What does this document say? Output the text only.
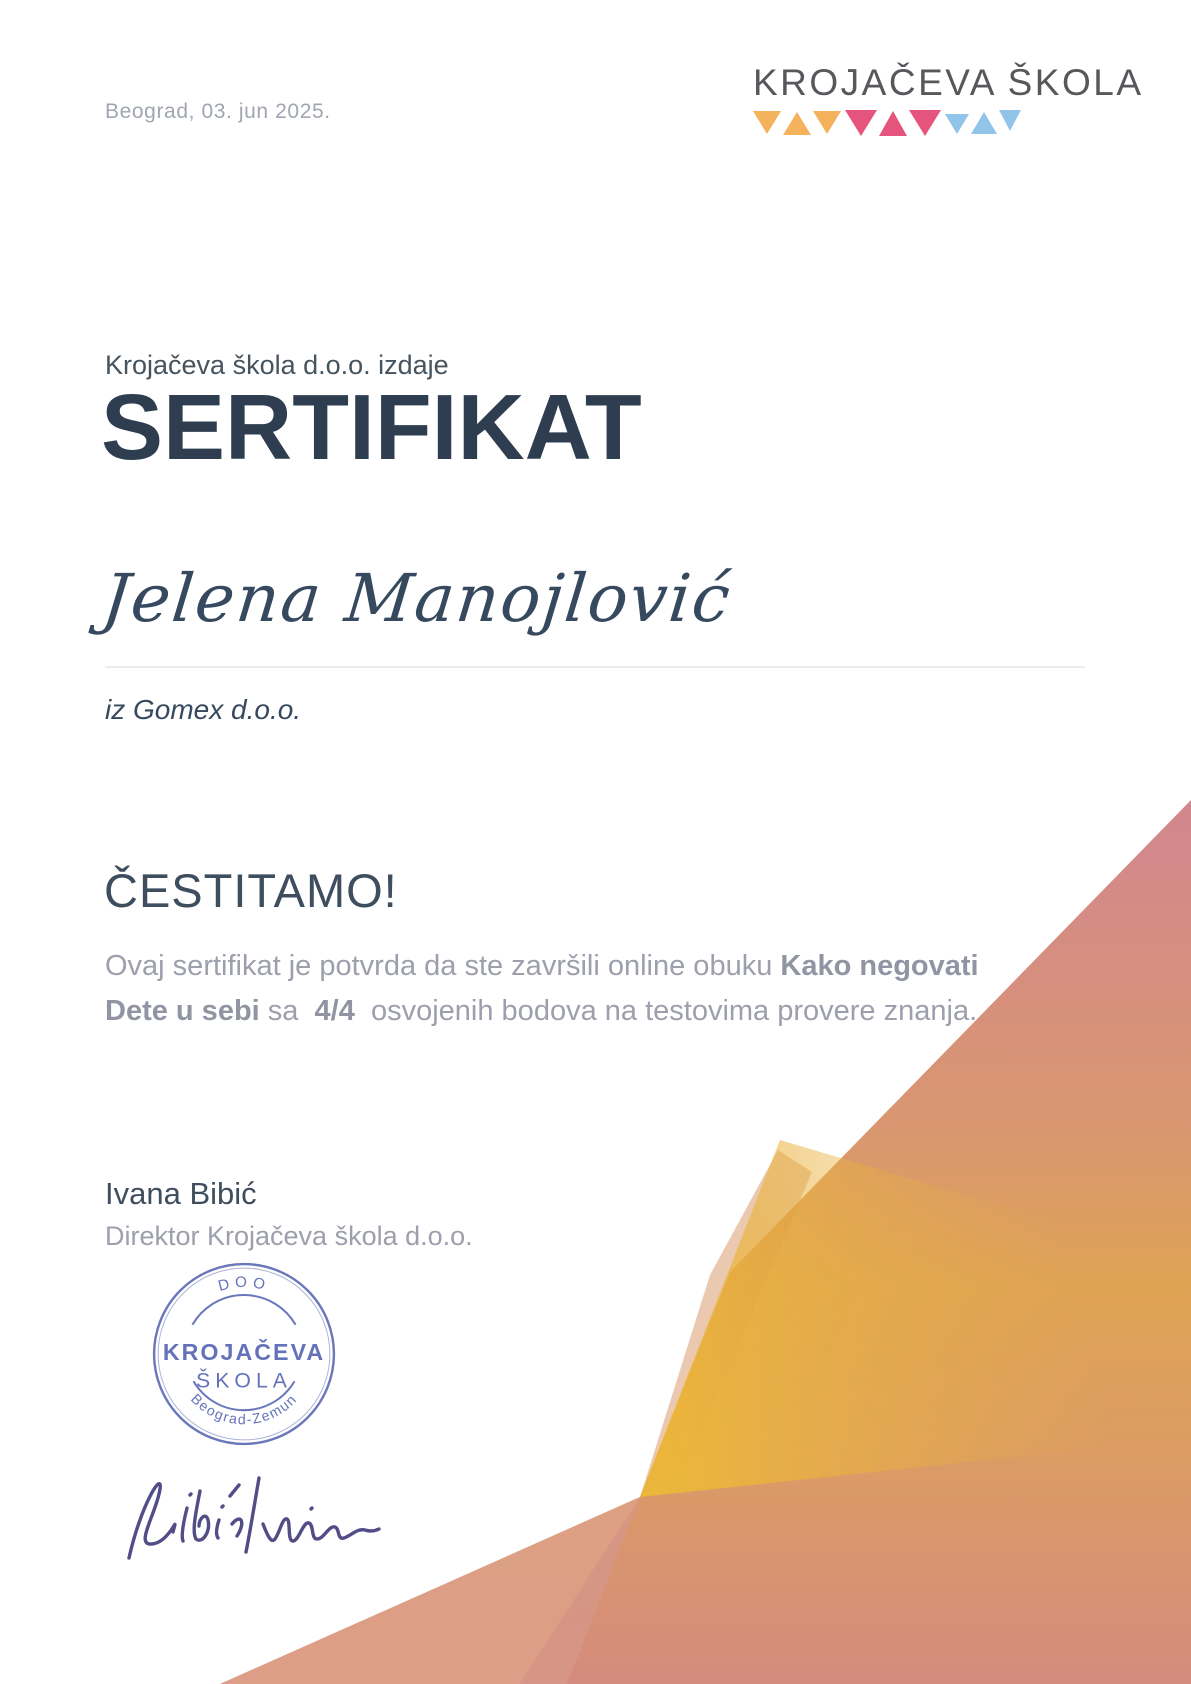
Beograd, 03. jun 2025.
KROJAČEVA ŠKOLA
Krojačeva škola d.o.o. izdaje
SERTIFIKAT
Jelena Manojlović
iz Gomex d.o.o.
ČESTITAMO!
Ovaj sertifikat je potvrda da ste završili online obuku Kako negovati Dete u sebi sa  4/4  osvojenih bodova na testovima provere znanja.
Ivana Bibić
Direktor Krojačeva škola d.o.o.
DOO
KROJAČEVA
ŠKOLA
Beograd-Zemun
